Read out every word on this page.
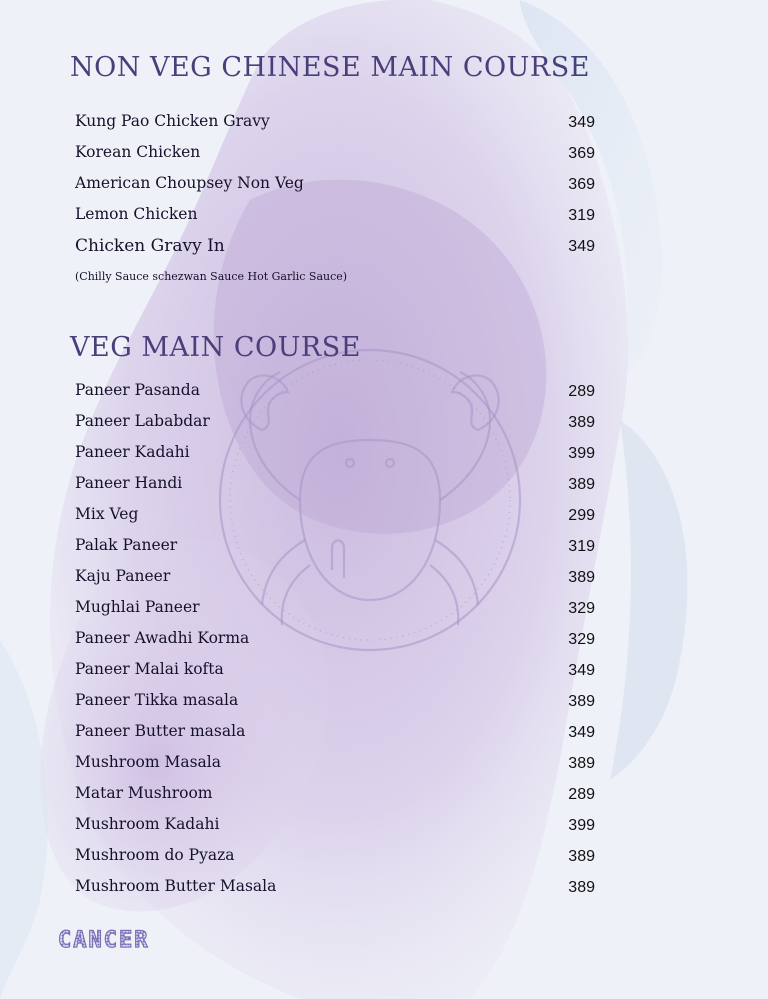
NON VEG CHINESE MAIN COURSE
Kung Pao Chicken Gravy	349
Korean Chicken	369
American Choupsey Non Veg	369
Lemon Chicken	319
Chicken Gravy In	349
(Chilly Sauce schezwan Sauce Hot Garlic Sauce)
VEG MAIN COURSE
Paneer Pasanda	289
Paneer Lababdar	389
Paneer Kadahi	399
Paneer Handi	389
Mix Veg	299
Palak Paneer	319
Kaju Paneer	389
Mughlai Paneer	329
Paneer Awadhi Korma	329
Paneer Malai kofta	349
Paneer Tikka masala	389
Paneer Butter masala	349
Mushroom Masala	389
Matar Mushroom	289
Mushroom Kadahi	399
Mushroom do Pyaza	389
Mushroom Butter Masala	389
CANCER
